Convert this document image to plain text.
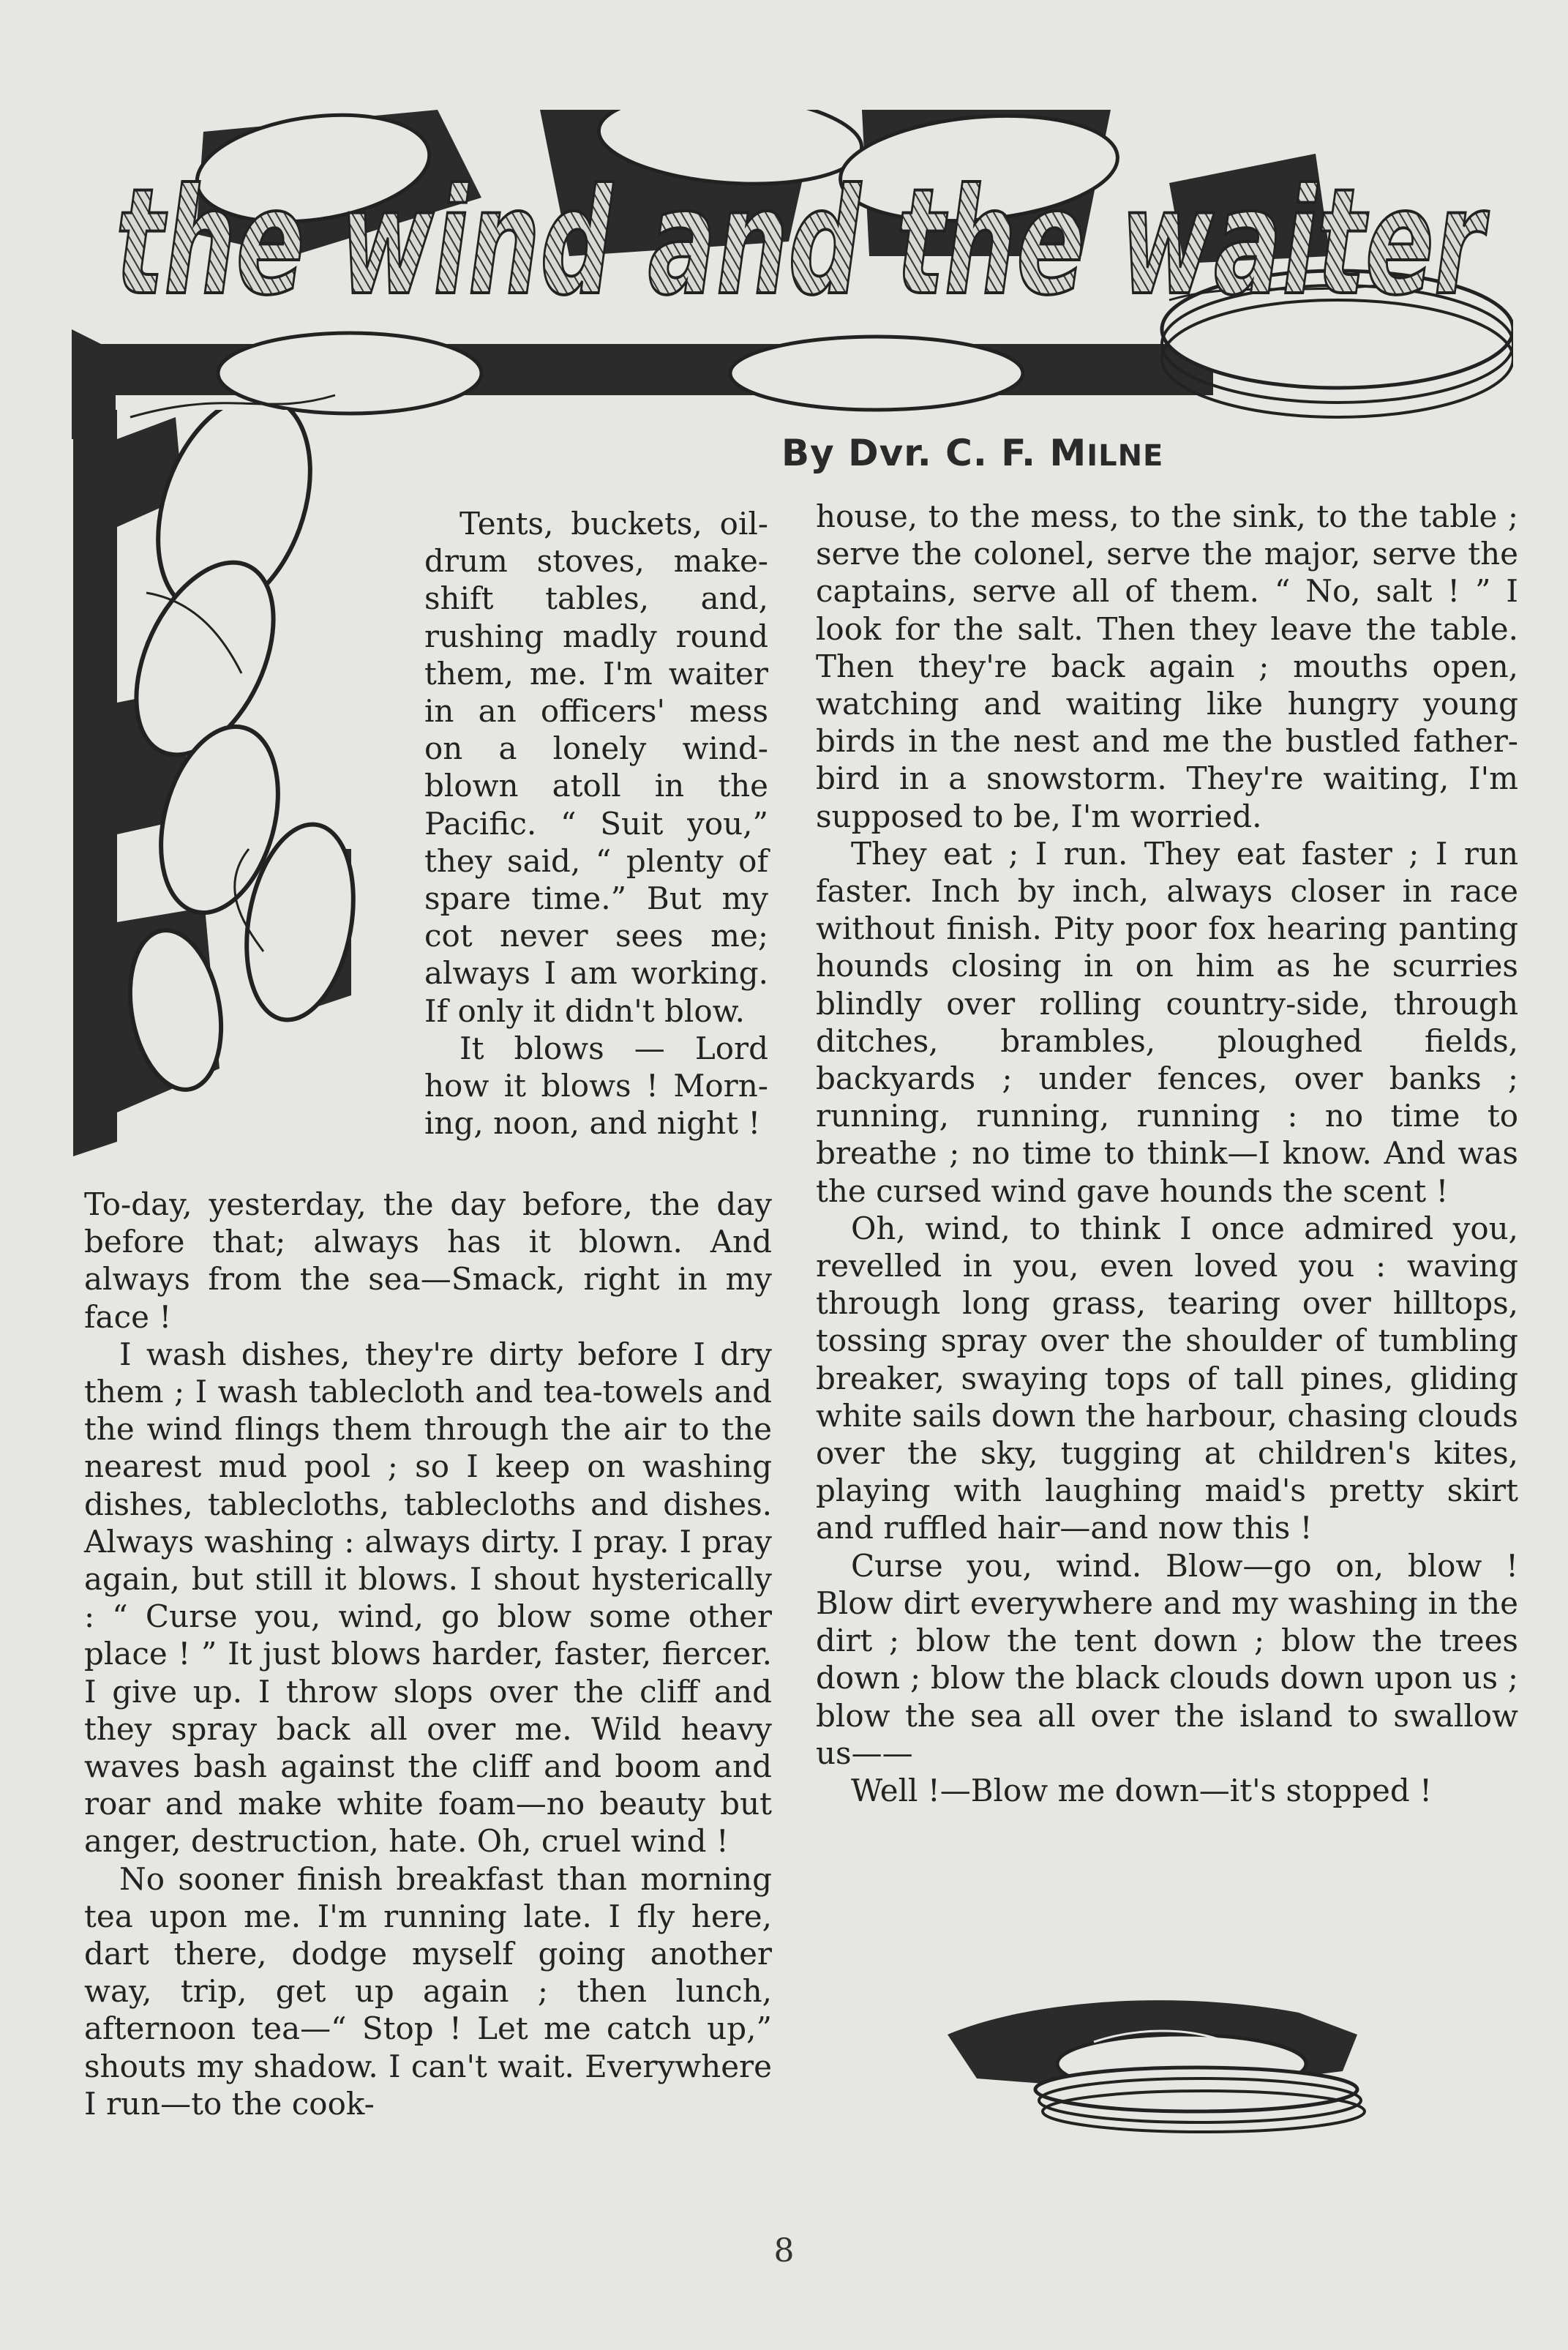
the wind and the waiter
By Dvr. C. F. MILNE

Tents, buckets, oil-drum stoves, make-shift tables, and, rushing madly round them, me. I'm waiter in an officers' mess on a lonely wind-blown atoll in the Pacific. “ Suit you,” they said, “ plenty of spare time.” But my cot never sees me; always I am working. If only it didn't blow.

It blows — Lord how it blows ! Morn-ing, noon, and night !

To-day, yesterday, the day before, the day before that; always has it blown. And always from the sea—Smack, right in my face !

I wash dishes, they're dirty before I dry them ; I wash tablecloth and tea-towels and the wind flings them through the air to the nearest mud pool ; so I keep on washing dishes, tablecloths, tablecloths and dishes. Always washing : always dirty. I pray. I pray again, but still it blows. I shout hysterically : “ Curse you, wind, go blow some other place ! ” It just blows harder, faster, fiercer. I give up. I throw slops over the cliff and they spray back all over me. Wild heavy waves bash against the cliff and boom and roar and make white foam—no beauty but anger, destruction, hate. Oh, cruel wind !

No sooner finish breakfast than morning tea upon me. I'm running late. I fly here, dart there, dodge myself going another way, trip, get up again ; then lunch, afternoon tea—“ Stop ! Let me catch up,” shouts my shadow. I can't wait. Everywhere I run—to the cook-

house, to the mess, to the sink, to the table ; serve the colonel, serve the major, serve the captains, serve all of them. “ No, salt ! ” I look for the salt. Then they leave the table. Then they're back again ; mouths open, watching and waiting like hungry young birds in the nest and me the bustled father-bird in a snowstorm. They're waiting, I'm supposed to be, I'm worried.

They eat ; I run. They eat faster ; I run faster. Inch by inch, always closer in race without finish. Pity poor fox hearing panting hounds closing in on him as he scurries blindly over rolling country-side, through ditches, brambles, ploughed fields, backyards ; under fences, over banks ; running, running, running : no time to breathe ; no time to think—I know. And was the cursed wind gave hounds the scent !

Oh, wind, to think I once admired you, revelled in you, even loved you : waving through long grass, tearing over hilltops, tossing spray over the shoulder of tumbling breaker, swaying tops of tall pines, gliding white sails down the harbour, chasing clouds over the sky, tugging at children's kites, playing with laughing maid's pretty skirt and ruffled hair—and now this !

Curse you, wind. Blow—go on, blow ! Blow dirt everywhere and my washing in the dirt ; blow the tent down ; blow the trees down ; blow the black clouds down upon us ; blow the sea all over the island to swallow us——

Well !—Blow me down—it's stopped !

8
